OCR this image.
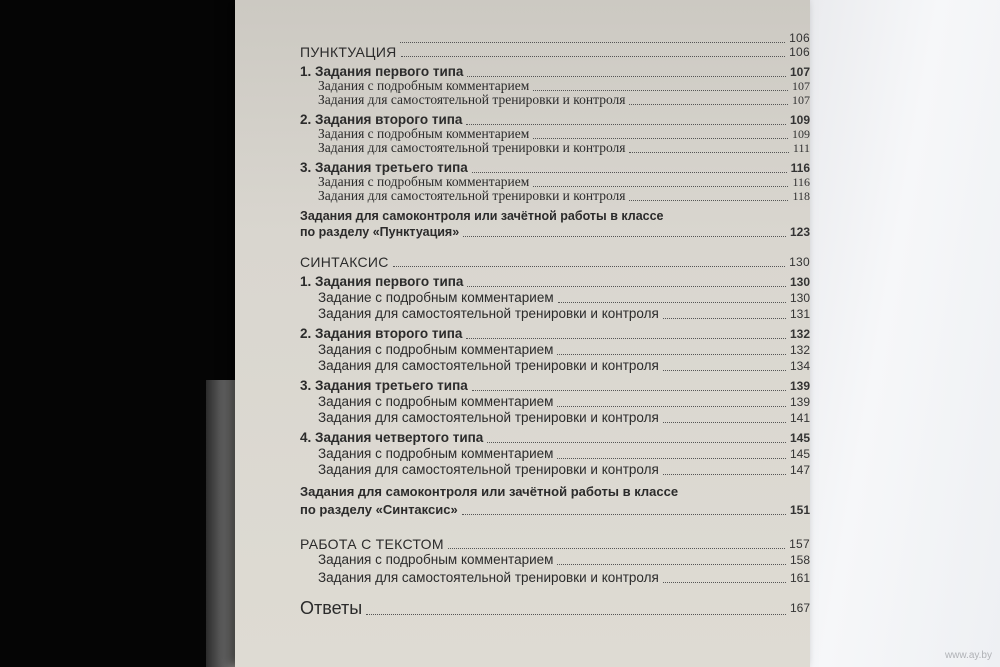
106
ПУНКТУАЦИЯ	106
1. Задания первого типа	107
Задания с подробным комментарием	107
Задания для самостоятельной тренировки и контроля	107
2. Задания второго типа	109
Задания с подробным комментарием	109
Задания для самостоятельной тренировки и контроля	111
3. Задания третьего типа	116
Задания с подробным комментарием	116
Задания для самостоятельной тренировки и контроля	118
Задания для самоконтроля или зачётной работы в классе
по разделу «Пунктуация»	123
СИНТАКСИС	130
1. Задания первого типа	130
Задание с подробным комментарием	130
Задания для самостоятельной тренировки и контроля	131
2. Задания второго типа	132
Задания с подробным комментарием	132
Задания для самостоятельной тренировки и контроля	134
3. Задания третьего типа	139
Задания с подробным комментарием	139
Задания для самостоятельной тренировки и контроля	141
4. Задания четвертого типа	145
Задания с подробным комментарием	145
Задания для самостоятельной тренировки и контроля	147
Задания для самоконтроля или зачётной работы в классе
по разделу «Синтаксис»	151
РАБОТА С ТЕКСТОМ	157
Задания с подробным комментарием	158
Задания для самостоятельной тренировки и контроля	161
Ответы	167
www.ay.by
